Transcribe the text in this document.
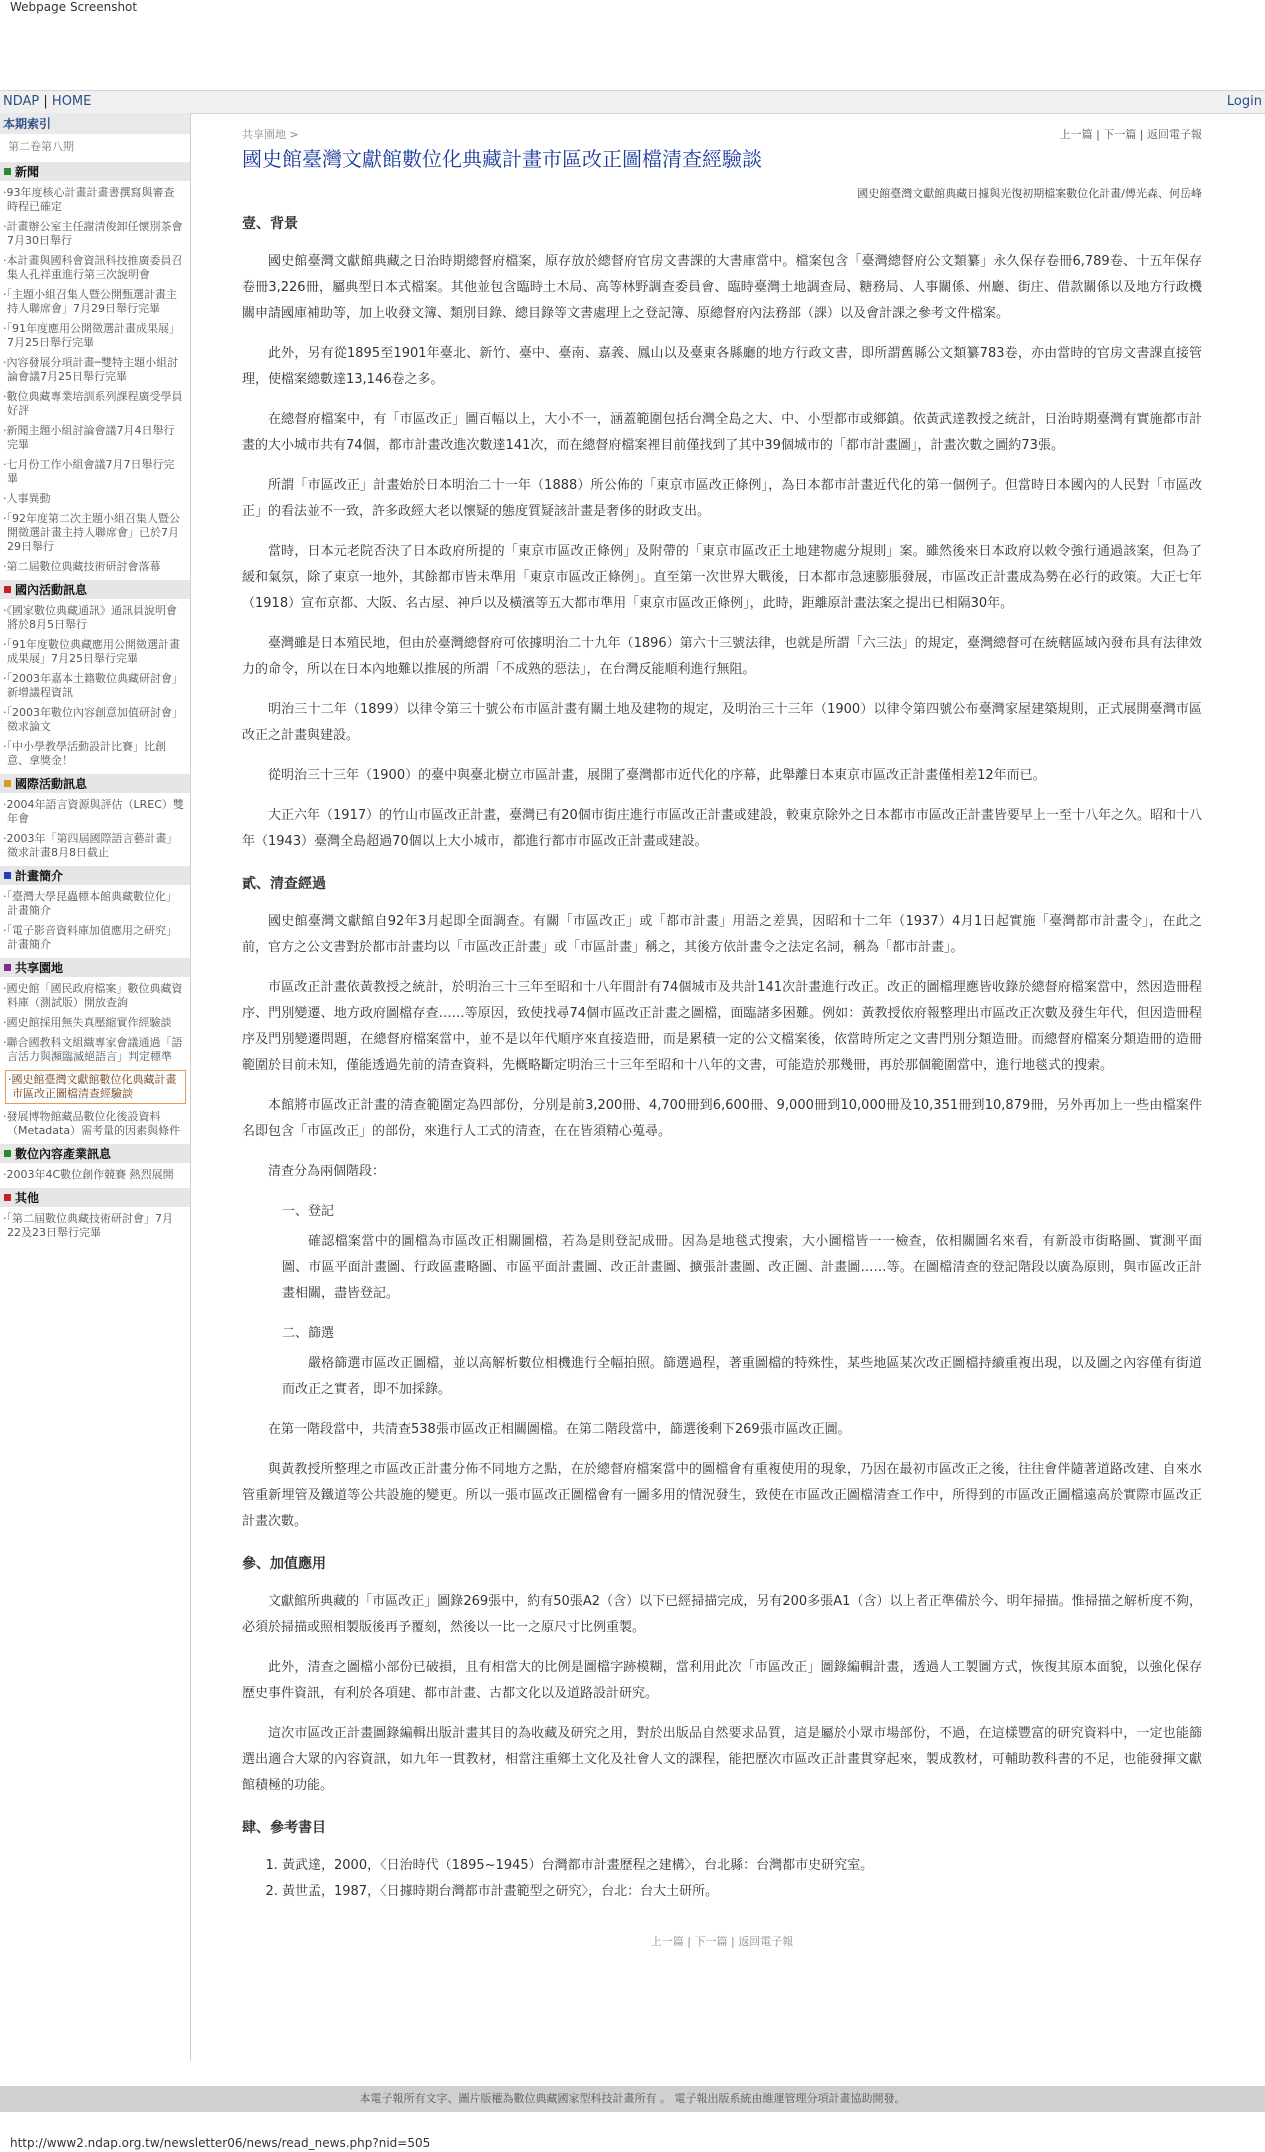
Webpage Screenshot
NDAP | HOME	Login
本期索引
第二卷第八期
新聞
‧93年度核心計畫計畫書撰寫與審查時程已確定
‧計畫辦公室主任謝清俊卸任懷別茶會7月30日舉行
‧本計畫與國科會資訊科技推廣委員召集人孔祥重進行第三次說明會
‧「主題小組召集人暨公開甄選計畫主持人聯席會」7月29日舉行完畢
‧「91年度應用公開徵選計畫成果展」7月25日舉行完畢
‧內容發展分項計畫─雙特主題小組討論會議7月25日舉行完畢
‧數位典藏專業培訓系列課程廣受學員好評
‧新聞主題小組討論會議7月4日舉行完畢
‧七月份工作小組會議7月7日舉行完畢
‧人事異動
‧「92年度第二次主題小組召集人暨公開徵選計畫主持人聯席會」已於7月29日舉行
‧第二屆數位典藏技術研討會落幕
國內活動訊息
‧《國家數位典藏通訊》通訊員說明會將於8月5日舉行
‧「91年度數位典藏應用公開徵選計畫成果展」7月25日舉行完畢
‧「2003年嘉本土籍數位典藏研討會」新增議程資訊
‧「2003年數位內容創意加值研討會」徵求論文
‧「中小學教學活動設計比賽」比創意、拿獎金！
國際活動訊息
‧2004年語言資源與評估（LREC）雙年會
‧2003年「第四屆國際語言藝計畫」徵求計畫8月8日截止
計畫簡介
‧「臺灣大學昆蟲標本館典藏數位化」計畫簡介
‧「電子影音資料庫加值應用之研究」計畫簡介
共享園地
‧國史館「國民政府檔案」數位典藏資料庫（測試版）開放查詢
‧國史館採用無失真壓縮實作經驗談
‧聯合國教科文組織專家會議通過「語言活力與瀕臨滅絕語言」判定標準
‧國史館臺灣文獻館數位化典藏計畫市區改正圖檔清查經驗談
‧發展博物館藏品數位化後設資料（Metadata）需考量的因素與條件
數位內容產業訊息
‧2003年4C數位創作競賽 熱烈展開
其他
‧「第二屆數位典藏技術研討會」7月22及23日舉行完畢
共享園地 >	上一篇 | 下一篇 | 返回電子報
國史館臺灣文獻館數位化典藏計畫市區改正圖檔清查經驗談
國史館臺灣文獻館典藏日據與光復初期檔案數位化計畫/傅光森、何岳峰
壹、背景

國史館臺灣文獻館典藏之日治時期總督府檔案，原存放於總督府官房文書課的大書庫當中。檔案包含「臺灣總督府公文類纂」永久保存卷冊6,789卷、十五年保存卷冊3,226冊，屬典型日本式檔案。其他並包含臨時土木局、高等林野調查委員會、臨時臺灣土地調查局、糖務局、人事關係、州廳、街庄、借款關係以及地方行政機關申請國庫補助等，加上收發文簿、類別目錄、總目錄等文書處理上之登記簿、原總督府內法務部（課）以及會計課之參考文件檔案。

此外，另有從1895至1901年臺北、新竹、臺中、臺南、嘉義、鳳山以及臺東各縣廳的地方行政文書，即所謂舊縣公文類纂783卷，亦由當時的官房文書課直接管理，使檔案總數達13,146卷之多。

在總督府檔案中，有「市區改正」圖百幅以上，大小不一，涵蓋範圍包括台灣全島之大、中、小型都市或鄉鎮。依黃武達教授之統計，日治時期臺灣有實施都市計畫的大小城市共有74個，都市計畫改進次數達141次，而在總督府檔案裡目前僅找到了其中39個城市的「都市計畫圖」，計畫次數之圖約73張。

所謂「市區改正」計畫始於日本明治二十一年（1888）所公佈的「東京市區改正條例」，為日本都市計畫近代化的第一個例子。但當時日本國內的人民對「市區改正」的看法並不一致，許多政經大老以懷疑的態度質疑該計畫是奢侈的財政支出。

當時，日本元老院否決了日本政府所提的「東京市區改正條例」及附帶的「東京市區改正土地建物處分規則」案。雖然後來日本政府以敕令強行通過該案，但為了緩和氣氛，除了東京一地外，其餘都市皆未準用「東京市區改正條例」。直至第一次世界大戰後，日本都市急速膨脹發展，市區改正計畫成為勢在必行的政策。大正七年（1918）宣布京都、大阪、名古屋、神戶以及橫濱等五大都市準用「東京市區改正條例」，此時，距離原計畫法案之提出已相隔30年。

臺灣雖是日本殖民地，但由於臺灣總督府可依據明治二十九年（1896）第六十三號法律，也就是所謂「六三法」的規定，臺灣總督可在統轄區域內發布具有法律效力的命令，所以在日本內地難以推展的所謂「不成熟的惡法」，在台灣反能順利進行無阻。

明治三十二年（1899）以律令第三十號公布市區計畫有關土地及建物的規定，及明治三十三年（1900）以律令第四號公布臺灣家屋建築規則，正式展開臺灣市區改正之計畫與建設。

從明治三十三年（1900）的臺中與臺北樹立市區計畫，展開了臺灣都市近代化的序幕，此舉離日本東京市區改正計畫僅相差12年而已。

大正六年（1917）的竹山市區改正計畫，臺灣已有20個市街庄進行市區改正計畫或建設，較東京除外之日本都市市區改正計畫皆要早上一至十八年之久。昭和十八年（1943）臺灣全島超過70個以上大小城市，都進行都市市區改正計畫或建設。

貳、清查經過

國史館臺灣文獻館自92年3月起即全面調查。有關「市區改正」或「都市計畫」用語之差異，因昭和十二年（1937）4月1日起實施「臺灣都市計畫令」，在此之前，官方之公文書對於都市計畫均以「市區改正計畫」或「市區計畫」稱之，其後方依計畫令之法定名詞，稱為「都市計畫」。

市區改正計畫依黃教授之統計，於明治三十三年至昭和十八年間計有74個城市及共計141次計畫進行改正。改正的圖檔理應皆收錄於總督府檔案當中，然因造冊程序、門別變遷、地方政府圖檔存查……等原因，致使找尋74個市區改正計畫之圖檔，面臨諸多困難。例如：黃教授依府報整理出市區改正次數及發生年代，但因造冊程序及門別變遷問題，在總督府檔案當中，並不是以年代順序來直接造冊，而是累積一定的公文檔案後，依當時所定之文書門別分類造冊。而總督府檔案分類造冊的造冊範圍於目前未知，僅能透過先前的清查資料，先概略斷定明治三十三年至昭和十八年的文書，可能造於那幾冊，再於那個範圍當中，進行地毯式的搜索。

本館將市區改正計畫的清查範圍定為四部份，分別是前3,200冊、4,700冊到6,600冊、9,000冊到10,000冊及10,351冊到10,879冊，另外再加上一些由檔案件名即包含「市區改正」的部份，來進行人工式的清查，在在皆須精心蒐尋。

清查分為兩個階段：

一、登記

確認檔案當中的圖檔為市區改正相關圖檔，若為是則登記成冊。因為是地毯式搜索，大小圖檔皆一一檢查，依相關圖名來看，有新設市街略圖、實測平面圖、市區平面計畫圖、行政區畫略圖、市區平面計畫圖、改正計畫圖、擴張計畫圖、改正圖、計畫圖……等。在圖檔清查的登記階段以廣為原則，與市區改正計畫相關，盡皆登記。

二、篩選

嚴格篩選市區改正圖檔，並以高解析數位相機進行全幅拍照。篩選過程，著重圖檔的特殊性，某些地區某次改正圖檔持續重複出現，以及圖之內容僅有街道而改正之實者，即不加採錄。

在第一階段當中，共清查538張市區改正相關圖檔。在第二階段當中，篩選後剩下269張市區改正圖。

與黃教授所整理之市區改正計畫分佈不同地方之點，在於總督府檔案當中的圖檔會有重複使用的現象，乃因在最初市區改正之後，往往會伴隨著道路改建、自來水管重新埋管及鐵道等公共設施的變更。所以一張市區改正圖檔會有一圖多用的情況發生，致使在市區改正圖檔清查工作中，所得到的市區改正圖檔遠高於實際市區改正計畫次數。

參、加值應用

文獻館所典藏的「市區改正」圖錄269張中，約有50張A2（含）以下已經掃描完成，另有200多張A1（含）以上者正準備於今、明年掃描。惟掃描之解析度不夠，必須於掃描或照相製版後再予覆刻，然後以一比一之原尺寸比例重製。

此外，清查之圖檔小部份已破損，且有相當大的比例是圖檔字跡模糊，當利用此次「市區改正」圖錄編輯計畫，透過人工製圖方式，恢復其原本面貌，以強化保存歷史事件資訊，有利於各項建、都市計畫、古都文化以及道路設計研究。

這次市區改正計畫圖錄編輯出版計畫其目的為收藏及研究之用，對於出版品自然要求品質，這是屬於小眾市場部份，不過，在這樣豐富的研究資料中，一定也能篩選出適合大眾的內容資訊，如九年一貫教材，相當注重鄉土文化及社會人文的課程，能把歷次市區改正計畫貫穿起來，製成教材，可輔助教科書的不足，也能發揮文獻館積極的功能。

肆、參考書目
1. 黃武達，2000，〈日治時代（1895~1945）台灣都市計畫歷程之建構〉，台北縣：台灣都市史研究室。
2. 黃世孟，1987，〈日據時期台灣都市計畫範型之研究〉，台北：台大土研所。
上一篇 | 下一篇 | 返回電子報
本電子報所有文字、圖片版權為數位典藏國家型科技計畫所有 。 電子報出版系統由維運管理分項計畫協助開發。
http://www2.ndap.org.tw/newsletter06/news/read_news.php?nid=505
